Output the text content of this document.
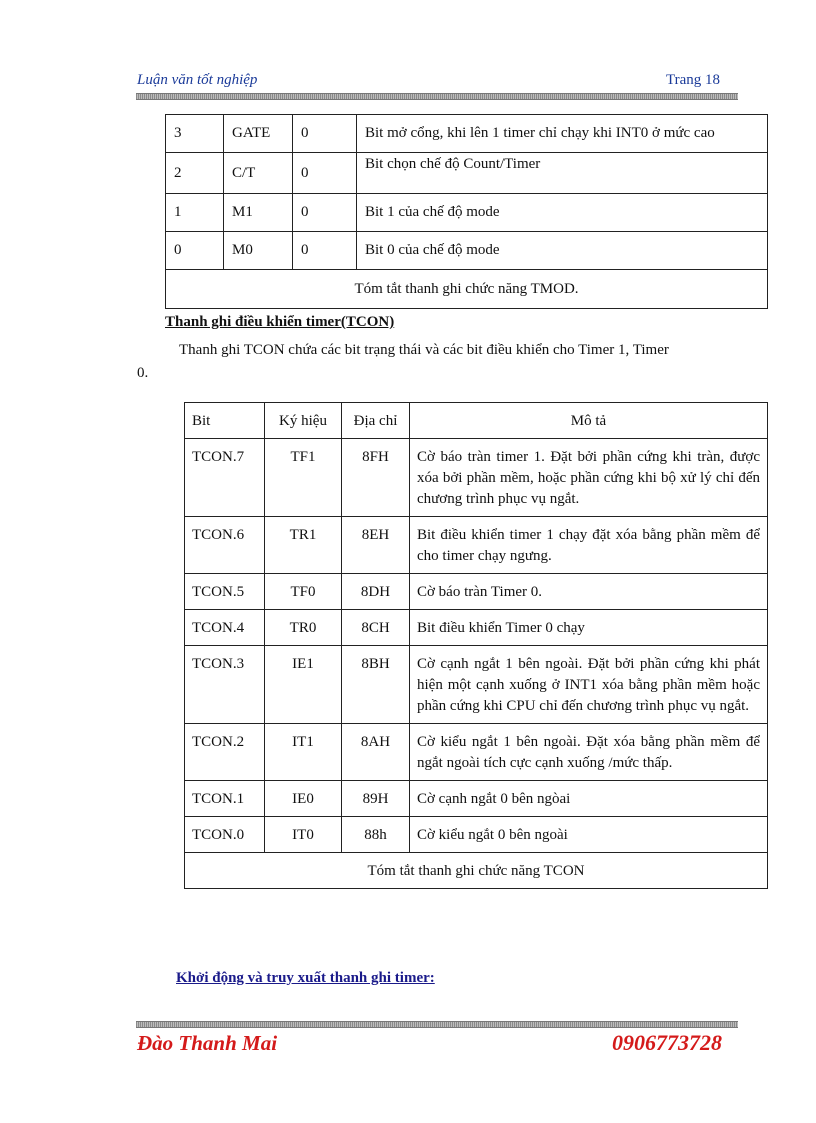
Luận văn tốt nghiệp	Trang 18
3	GATE	0	Bit mở cổng, khi lên 1 timer chỉ chạy khi INT0 ở mức cao
2	C/T	0	Bit chọn chế độ Count/Timer
1	M1	0	Bit 1 của chế độ mode
0	M0	0	Bit 0 của chế độ mode
Tóm tắt thanh ghi chức năng TMOD.			
Thanh ghi điều khiển timer(TCON)
Thanh ghi TCON chứa các bit trạng thái và các bit điều khiển cho Timer 1, Timer
0.
Bit	Ký hiệu	Địa chỉ	Mô tả
TCON.7	TF1	8FH	Cờ báo tràn timer 1. Đặt bởi phần cứng khi tràn, được xóa bởi phần mềm, hoặc phần cứng khi bộ xử lý chỉ đến chương trình phục vụ ngắt.
TCON.6	TR1	8EH	Bit điều khiển timer 1 chạy đặt xóa bằng phần mềm để cho timer chạy ngưng.
TCON.5	TF0	8DH	Cờ báo tràn Timer 0.
TCON.4	TR0	8CH	Bit điều khiển Timer 0 chạy
TCON.3	IE1	8BH	Cờ cạnh ngắt 1 bên ngoài. Đặt bởi phần cứng khi phát hiện một cạnh xuống ở INT1 xóa bằng phần mềm hoặc phần cứng khi CPU chỉ đến chương trình phục vụ ngắt.
TCON.2	IT1	8AH	Cờ kiểu ngắt 1 bên ngoài. Đặt xóa bằng phần mềm để ngắt ngoài tích cực cạnh xuống /mức thấp.
TCON.1	IE0	89H	Cờ cạnh ngắt 0 bên ngòai
TCON.0	IT0	88h	Cờ kiểu ngắt 0 bên ngoài
Tóm tắt thanh ghi chức năng TCON			
Khởi động và truy xuất thanh ghi timer:
Đào Thanh Mai	0906773728
